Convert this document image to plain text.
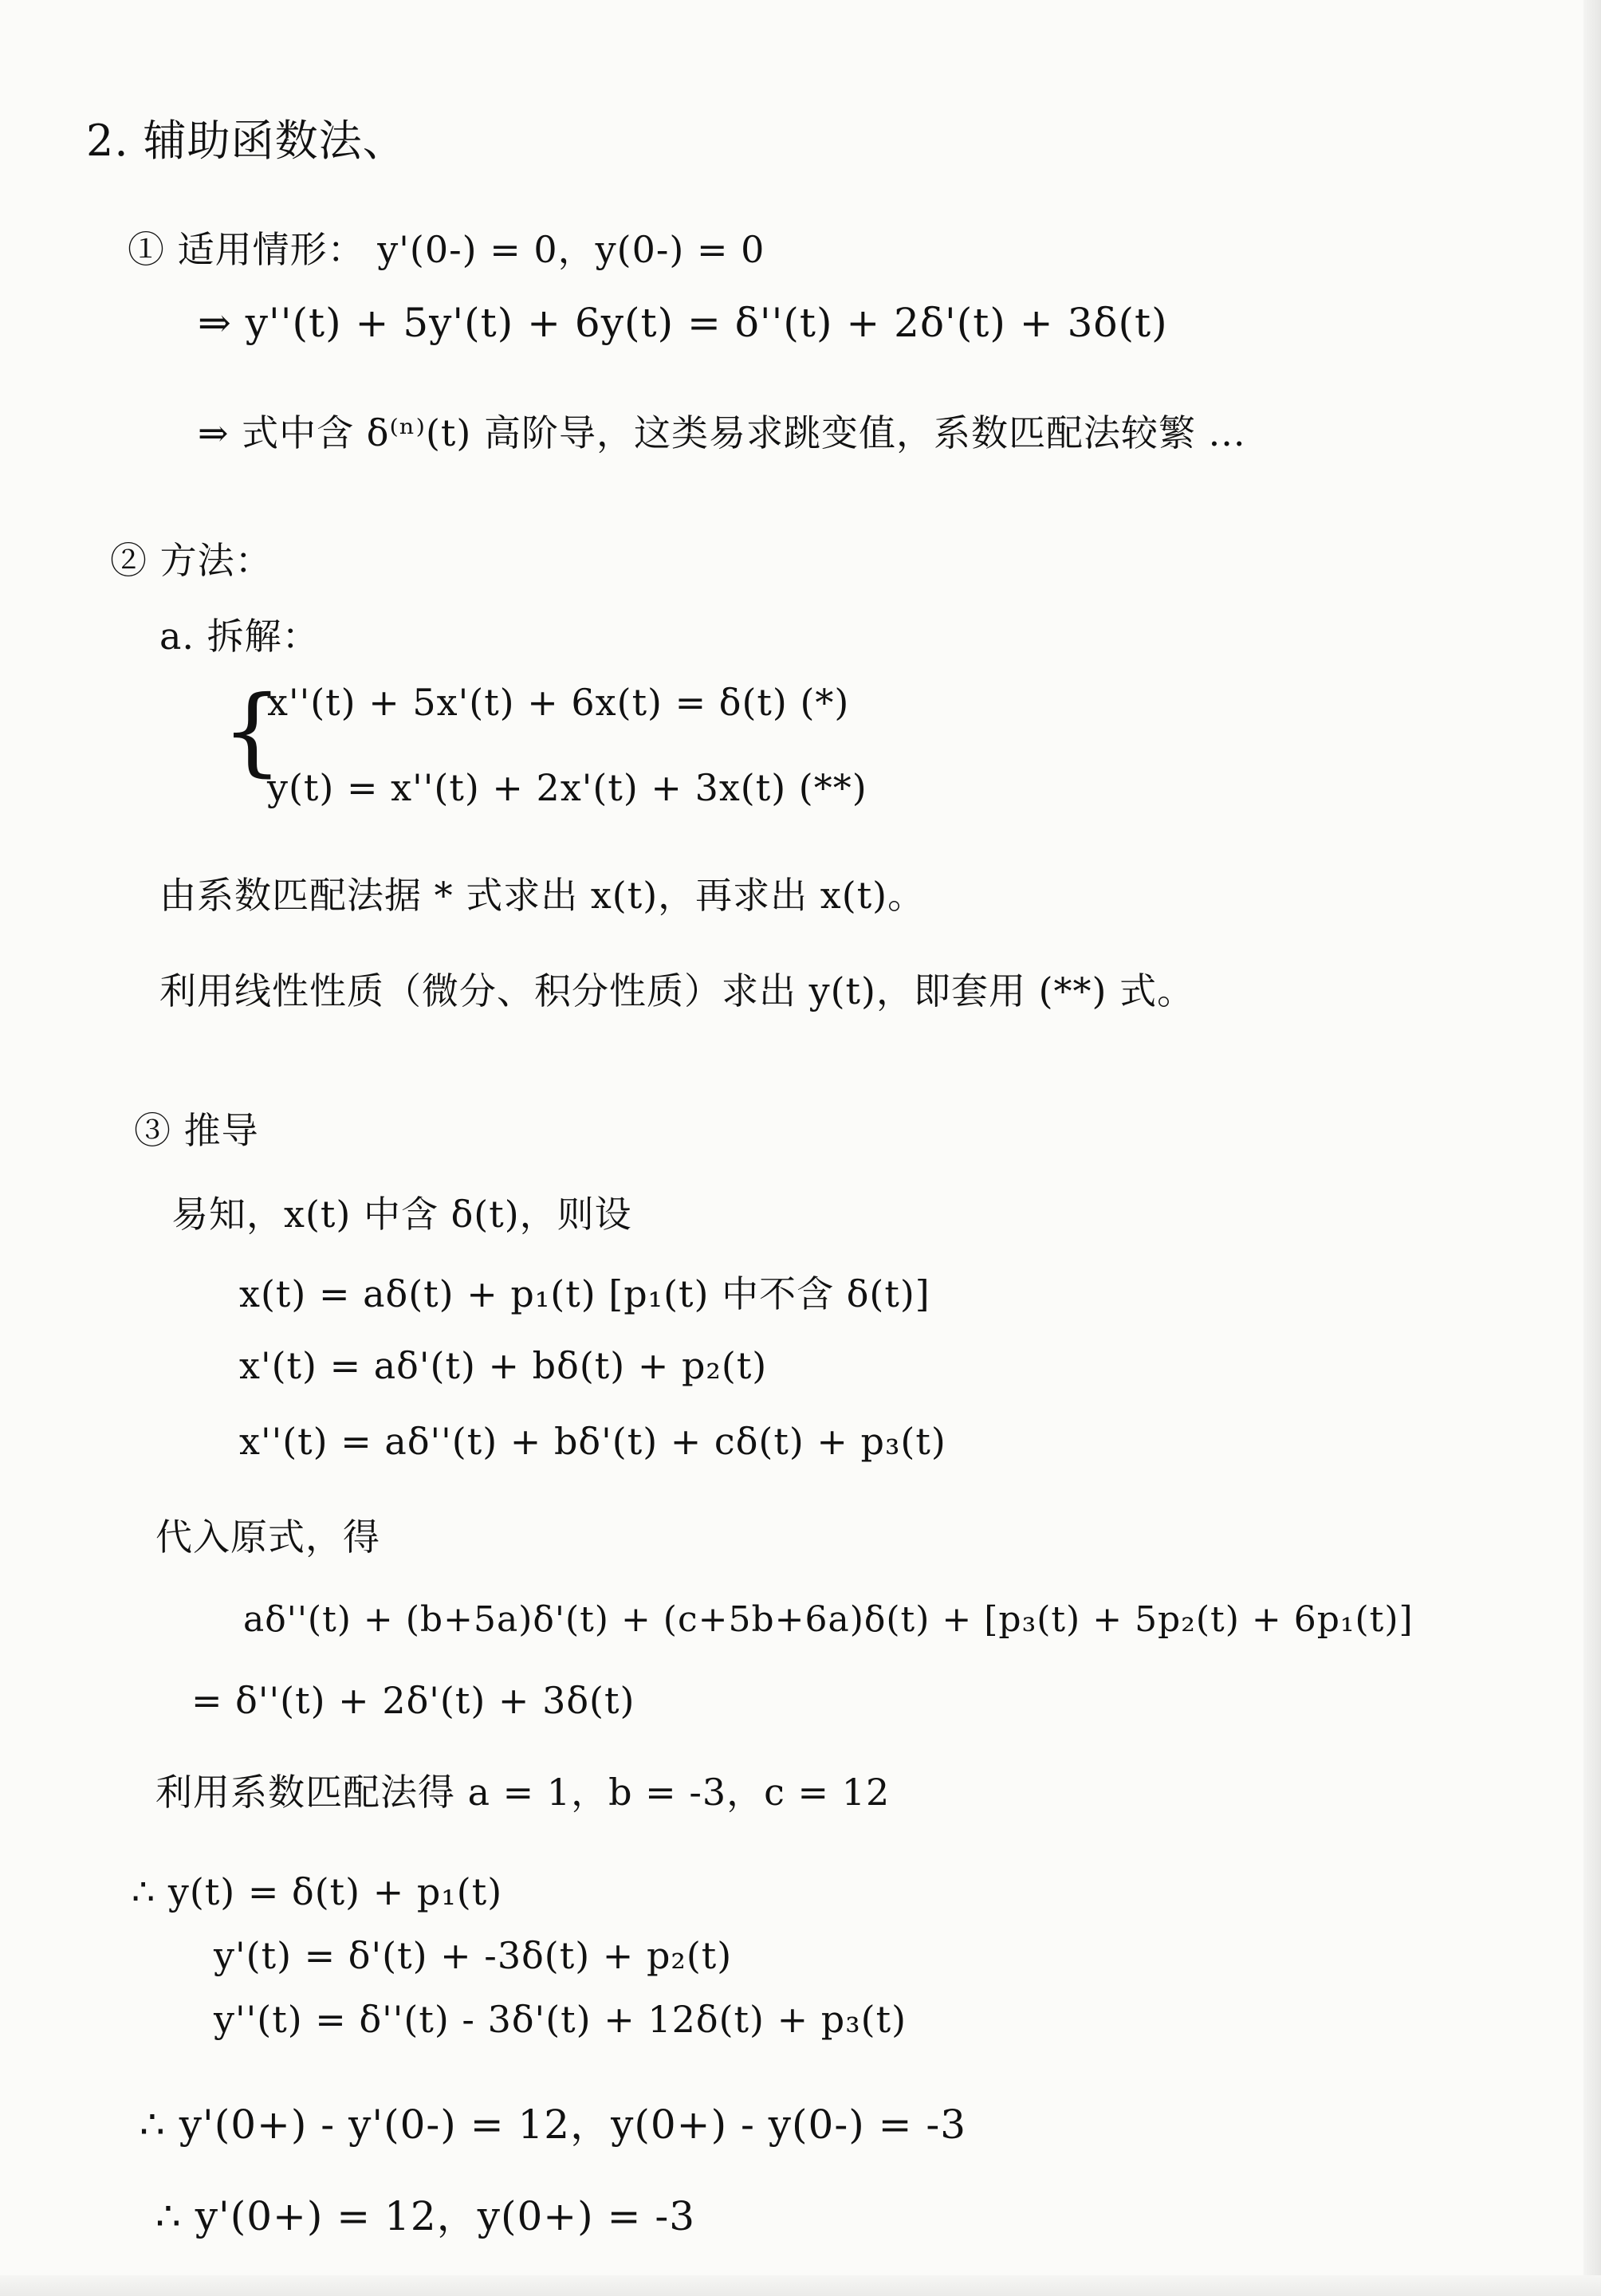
2. 辅助函数法、
① 适用情形： y'(0-) = 0，y(0-) = 0
⇒ y''(t) + 5y'(t) + 6y(t) = δ''(t) + 2δ'(t) + 3δ(t)
⇒ 式中含 δ⁽ⁿ⁾(t) 高阶导，这类易求跳变值，系数匹配法较繁 ...
② 方法：
a. 拆解：
{
x''(t) + 5x'(t) + 6x(t) = δ(t) (*)
y(t) = x''(t) + 2x'(t) + 3x(t) (**)
由系数匹配法据 * 式求出 x(t)，再求出 x(t)。
利用线性性质（微分、积分性质）求出 y(t)，即套用 (**) 式。
③ 推导
易知，x(t) 中含 δ(t)，则设
x(t) = aδ(t) + p₁(t) [p₁(t) 中不含 δ(t)]
x'(t) = aδ'(t) + bδ(t) + p₂(t)
x''(t) = aδ''(t) + bδ'(t) + cδ(t) + p₃(t)
代入原式，得
aδ''(t) + (b+5a)δ'(t) + (c+5b+6a)δ(t) + [p₃(t) + 5p₂(t) + 6p₁(t)]
= δ''(t) + 2δ'(t) + 3δ(t)
利用系数匹配法得 a = 1，b = -3，c = 12
∴ y(t) = δ(t) + p₁(t)
y'(t) = δ'(t) + -3δ(t) + p₂(t)
y''(t) = δ''(t) - 3δ'(t) + 12δ(t) + p₃(t)
∴ y'(0+) - y'(0-) = 12，y(0+) - y(0-) = -3
∴ y'(0+) = 12，y(0+) = -3
